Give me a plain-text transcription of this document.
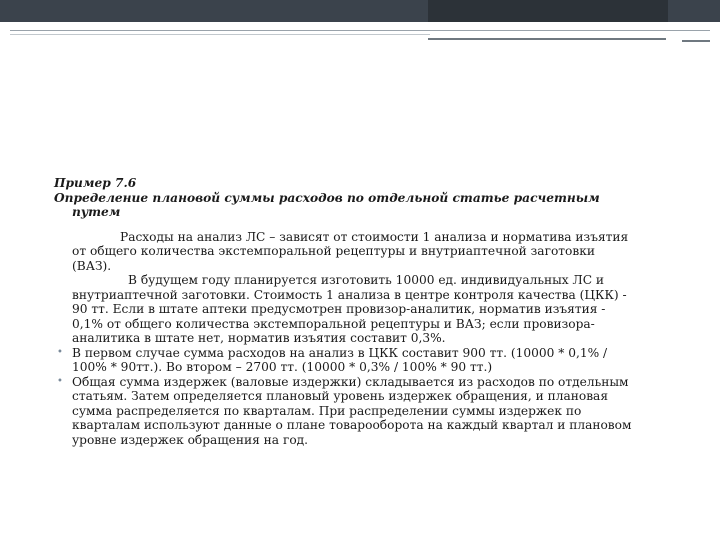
Пример 7.6

Определение плановой суммы расходов по отдельной статье расчетным

путем

Расходы на анализ ЛС – зависят от стоимости 1 анализа и норматива изъятия

от общего количества экстемпоральной рецептуры и внутриаптечной заготовки

(ВАЗ).

В будущем году планируется изготовить 10000 ед. индивидуальных ЛС и

внутриаптечной заготовки. Стоимость 1 анализа в центре контроля качества (ЦКК) -

90 тт. Если в штате аптеки предусмотрен провизор-аналитик, норматив изъятия -

0,1% от общего количества экстемпоральной рецептуры и ВАЗ; если провизора-

аналитика в штате нет, норматив изъятия составит 0,3%.

• В первом случае сумма расходов на анализ в ЦКК составит 900 тт. (10000 * 0,1% /
100% * 90тт.). Во втором – 2700 тт. (10000 * 0,3% / 100% * 90 тт.)
• Общая сумма издержек (валовые издержки) складывается из расходов по отдельным
статьям. Затем определяется плановый уровень издержек обращения, и плановая
сумма распределяется по кварталам. При распределении суммы издержек по
кварталам используют данные о плане товарооборота на каждый квартал и плановом
уровне издержек обращения на год.
